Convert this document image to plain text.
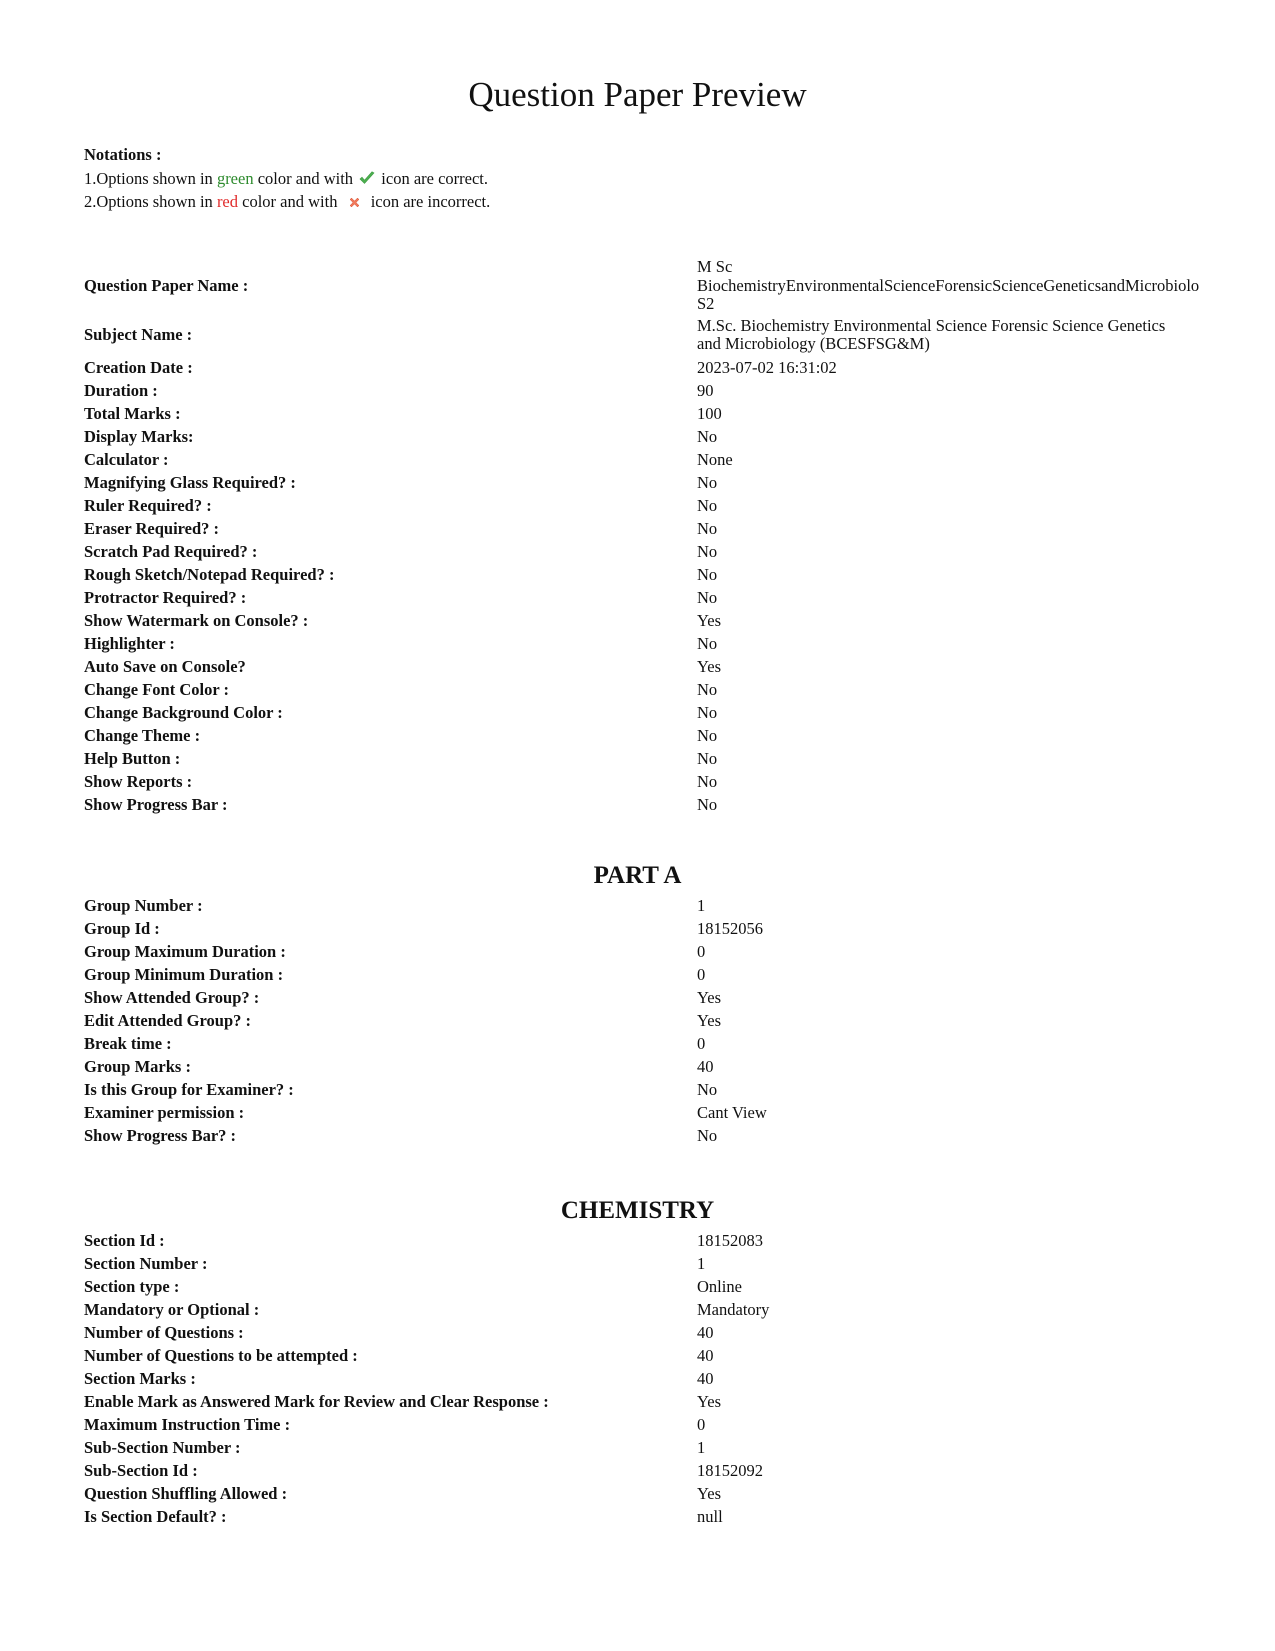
Question Paper Preview
Notations :
1.Options shown in green color and with  icon are correct.
2.Options shown in red color and with  icon are incorrect.
Question Paper Name :
M Sc
BiochemistryEnvironmentalScienceForensicScienceGeneticsandMicrobiolo
S2
Subject Name :	M.Sc. Biochemistry Environmental Science Forensic Science Genetics
and Microbiology (BCESFSG&M)
Creation Date :	2023-07-02 16:31:02
Duration :	90
Total Marks :	100
Display Marks:	No
Calculator :	None
Magnifying Glass Required? :	No
Ruler Required? :	No
Eraser Required? :	No
Scratch Pad Required? :	No
Rough Sketch/Notepad Required? :	No
Protractor Required? :	No
Show Watermark on Console? :	Yes
Highlighter :	No
Auto Save on Console?	Yes
Change Font Color :	No
Change Background Color :	No
Change Theme :	No
Help Button :	No
Show Reports :	No
Show Progress Bar :	No
PART A
Group Number :	1
Group Id :	18152056
Group Maximum Duration :	0
Group Minimum Duration :	0
Show Attended Group? :	Yes
Edit Attended Group? :	Yes
Break time :	0
Group Marks :	40
Is this Group for Examiner? :	No
Examiner permission :	Cant View
Show Progress Bar? :	No
CHEMISTRY
Section Id :	18152083
Section Number :	1
Section type :	Online
Mandatory or Optional :	Mandatory
Number of Questions :	40
Number of Questions to be attempted :	40
Section Marks :	40
Enable Mark as Answered Mark for Review and Clear Response :	Yes
Maximum Instruction Time :	0
Sub-Section Number :	1
Sub-Section Id :	18152092
Question Shuffling Allowed :	Yes
Is Section Default? :	null
